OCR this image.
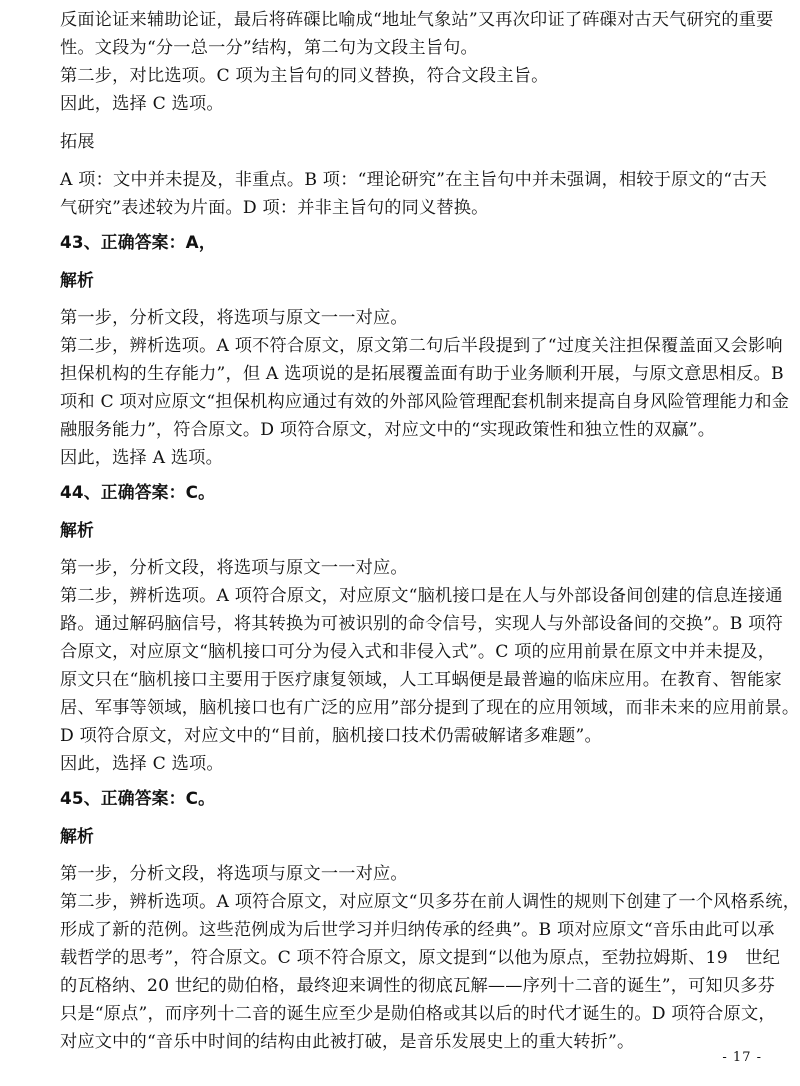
反面论证来辅助论证，最后将砗磲比喻成“地址气象站”又再次印证了砗磲对古天气研究的重要
性。文段为“分一总一分”结构，第二句为文段主旨句。
第二步，对比选项。C 项为主旨句的同义替换，符合文段主旨。
因此，选择 C 选项。
拓展
A 项：文中并未提及，非重点。B 项：“理论研究”在主旨句中并未强调，相较于原文的“古天
气研究”表述较为片面。D 项：并非主旨句的同义替换。
43、正确答案：A，
解析
第一步，分析文段，将选项与原文一一对应。
第二步，辨析选项。A 项不符合原文，原文第二句后半段提到了“过度关注担保覆盖面又会影响
担保机构的生存能力”，但 A 选项说的是拓展覆盖面有助于业务顺利开展，与原文意思相反。B
项和 C 项对应原文“担保机构应通过有效的外部风险管理配套机制来提高自身风险管理能力和金
融服务能力”，符合原文。D 项符合原文，对应文中的“实现政策性和独立性的双赢”。
因此，选择 A 选项。
44、正确答案：C。
解析
第一步，分析文段，将选项与原文一一对应。
第二步，辨析选项。A 项符合原文，对应原文“脑机接口是在人与外部设备间创建的信息连接通
路。通过解码脑信号，将其转换为可被识别的命令信号，实现人与外部设备间的交换”。B 项符
合原文，对应原文“脑机接口可分为侵入式和非侵入式”。C 项的应用前景在原文中并未提及，
原文只在“脑机接口主要用于医疗康复领域，人工耳蜗便是最普遍的临床应用。在教育、智能家
居、军事等领域，脑机接口也有广泛的应用”部分提到了现在的应用领域，而非未来的应用前景。
D 项符合原文，对应文中的“目前，脑机接口技术仍需破解诸多难题”。
因此，选择 C 选项。
45、正确答案：C。
解析
第一步，分析文段，将选项与原文一一对应。
第二步，辨析选项。A 项符合原文，对应原文“贝多芬在前人调性的规则下创建了一个风格系统，
形成了新的范例。这些范例成为后世学习并归纳传承的经典”。B 项对应原文“音乐由此可以承
载哲学的思考”，符合原文。C 项不符合原文，原文提到“以他为原点，至勃拉姆斯、19　世纪
的瓦格纳、20 世纪的勋伯格，最终迎来调性的彻底瓦解——序列十二音的诞生”，可知贝多芬
只是“原点”，而序列十二音的诞生应至少是勋伯格或其以后的时代才诞生的。D 项符合原文，
对应文中的“音乐中时间的结构由此被打破，是音乐发展史上的重大转折”。
- 17 -
